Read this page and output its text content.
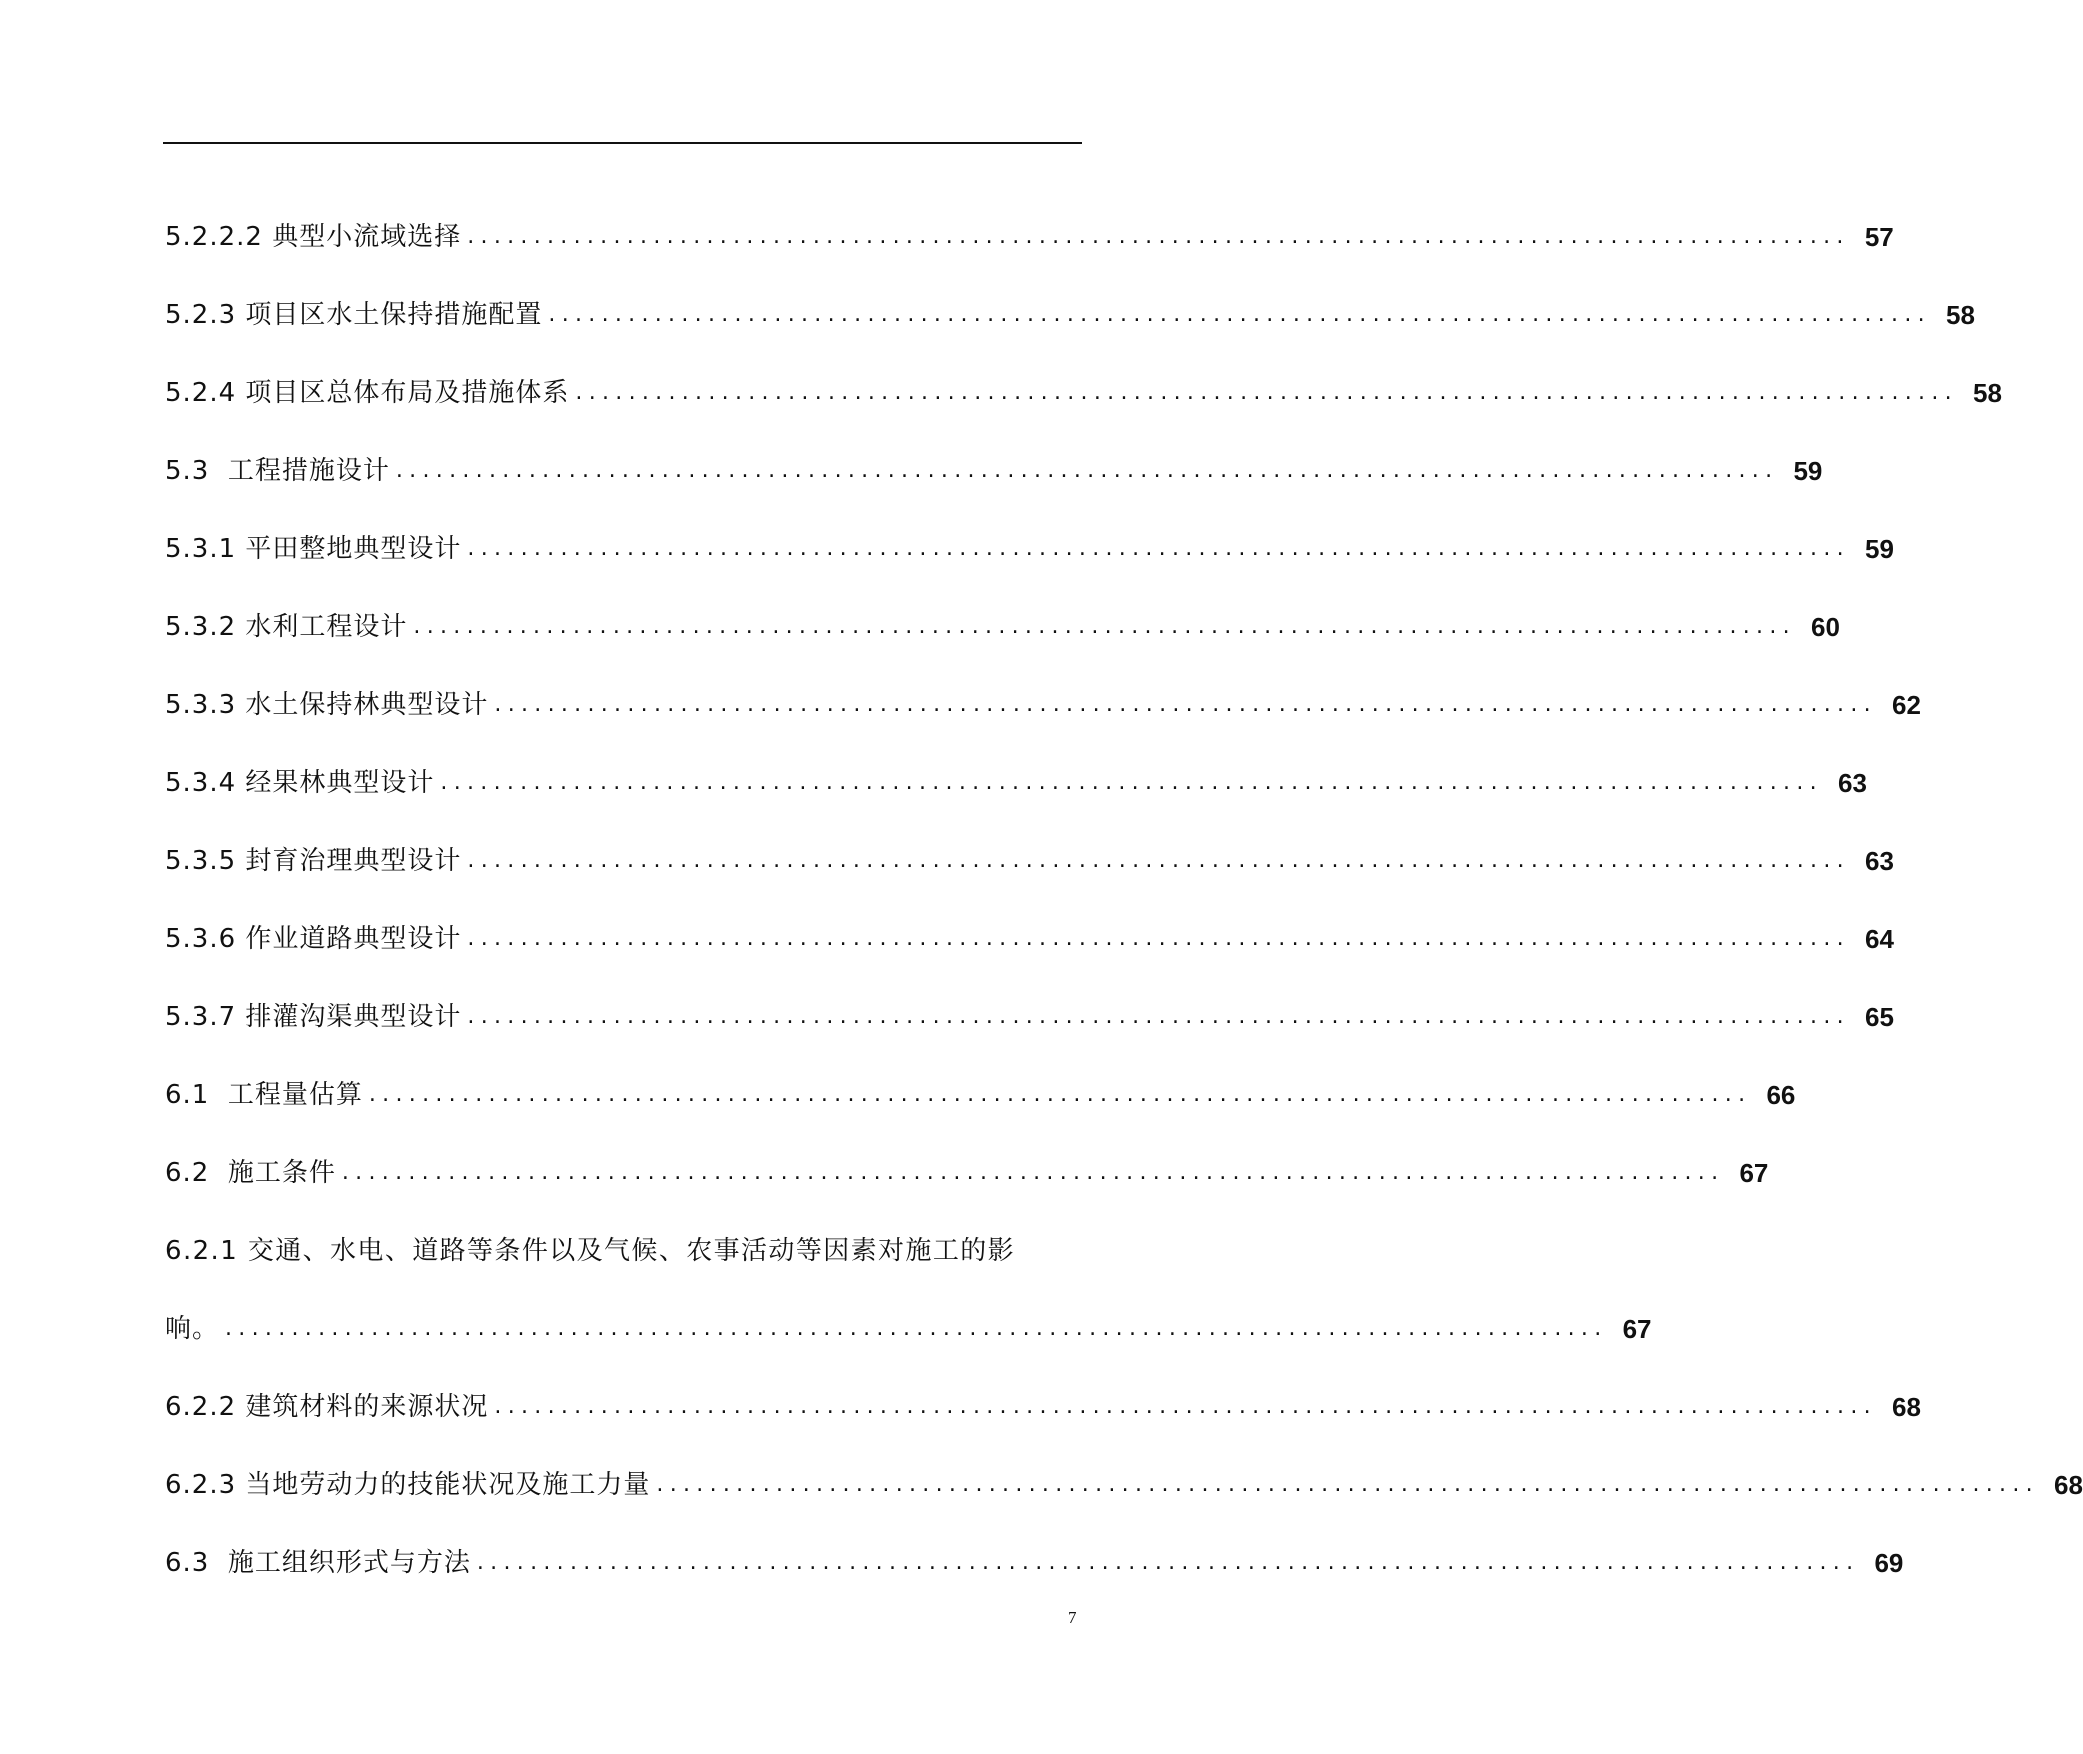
5.2.2.2 典型小流域选择 ........................................................................................................ 57
5.2.3 项目区水土保持措施配置 ........................................................................................................ 58
5.2.4 项目区总体布局及措施体系 ........................................................................................................ 58
5.3  工程措施设计 ........................................................................................................ 59
5.3.1 平田整地典型设计 ........................................................................................................ 59
5.3.2 水利工程设计 ........................................................................................................ 60
5.3.3 水土保持林典型设计 ........................................................................................................ 62
5.3.4 经果林典型设计 ........................................................................................................ 63
5.3.5 封育治理典型设计 ........................................................................................................ 63
5.3.6 作业道路典型设计 ........................................................................................................ 64
5.3.7 排灌沟渠典型设计 ........................................................................................................ 65
6.1  工程量估算 ........................................................................................................ 66
6.2  施工条件 ........................................................................................................ 67
6.2.1 交通、水电、道路等条件以及气候、农事活动等因素对施工的影
响。 ........................................................................................................ 67
6.2.2 建筑材料的来源状况 ........................................................................................................ 68
6.2.3 当地劳动力的技能状况及施工力量 ........................................................................................................ 68
6.3  施工组织形式与方法 ........................................................................................................ 69
7
